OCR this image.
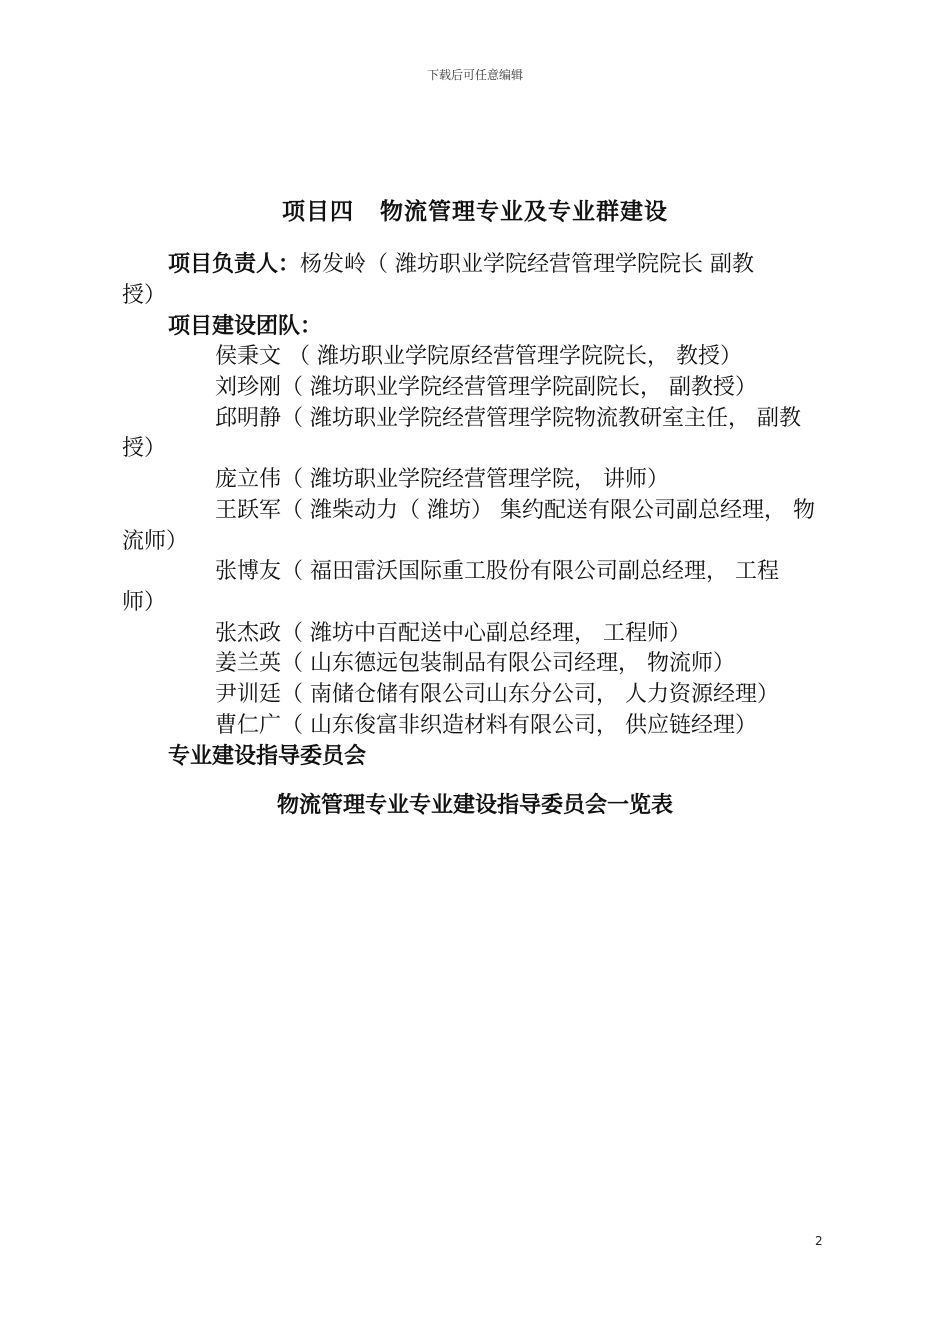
下载后可任意编辑
项目四 物流管理专业及专业群建设
项目负责人：杨发岭（ 潍坊职业学院经营管理学院院长 副教
授）
项目建设团队：
侯秉文 （ 潍坊职业学院原经营管理学院院长， 教授）
刘珍刚（ 潍坊职业学院经营管理学院副院长， 副教授）
邱明静（ 潍坊职业学院经营管理学院物流教研室主任， 副教
授）
庞立伟（ 潍坊职业学院经营管理学院， 讲师）
王跃军（ 潍柴动力（ 潍坊） 集约配送有限公司副总经理， 物
流师）
张博友（ 福田雷沃国际重工股份有限公司副总经理， 工程
师）
张杰政（ 潍坊中百配送中心副总经理， 工程师）
姜兰英（ 山东德远包装制品有限公司经理， 物流师）
尹训廷（ 南储仓储有限公司山东分公司， 人力资源经理）
曹仁广（ 山东俊富非织造材料有限公司， 供应链经理）
专业建设指导委员会
物流管理专业专业建设指导委员会一览表
2
